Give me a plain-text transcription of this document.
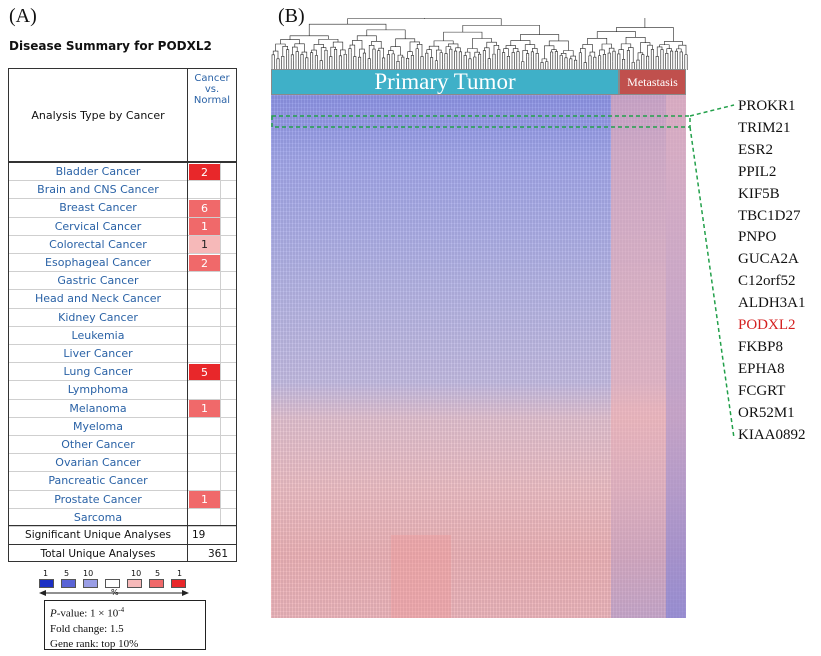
(A)
Disease Summary for PODXL2
Analysis Type by Cancer
Bladder Cancer
Brain and CNS Cancer
Breast Cancer
Cervical Cancer
Colorectal Cancer
Esophageal Cancer
Gastric Cancer
Head and Neck Cancer
Kidney Cancer
Leukemia
Liver Cancer
Lung Cancer
Lymphoma
Melanoma
Myeloma
Other Cancer
Ovarian Cancer
Pancreatic Cancer
Prostate Cancer
Sarcoma
Significant Unique Analyses
Total Unique Analyses
Cancer
vs.
Normal
2
6
1
1
2
5
1
1
19
361
1 5 10	10 5 1
%
P-value: $1 \times 10^{-4}$
Fold change: 1.5
Gene rank: top 10%
(B)
Primary Tumor	Metastasis
PROKR1
TRIM21
ESR2
PPIL2
KIF5B
TBC1D27
PNPO
GUCA2A
C12orf52
ALDH3A1
PODXL2
FKBP8
EPHA8
FCGRT
OR52M1
KIAA0892
